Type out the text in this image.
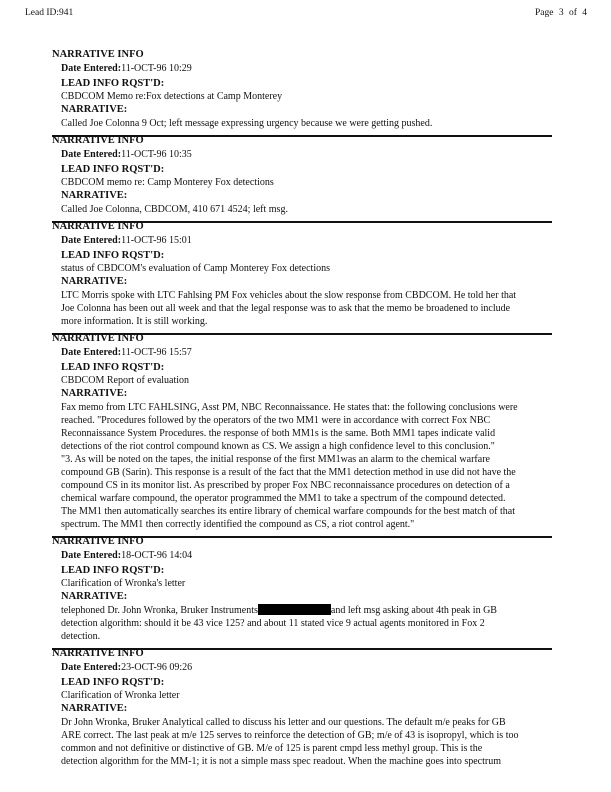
Lead ID:941	Page 3 of 4
NARRATIVE INFO
Date Entered:11-OCT-96 10:29
LEAD INFO RQST'D:
CBDCOM Memo re:Fox detections at Camp Monterey
NARRATIVE:
Called Joe Colonna 9 Oct; left message expressing urgency because we were getting pushed.
NARRATIVE INFO
Date Entered:11-OCT-96 10:35
LEAD INFO RQST'D:
CBDCOM memo re: Camp Monterey Fox detections
NARRATIVE:
Called Joe Colonna, CBDCOM, 410 671 4524; left msg.
NARRATIVE INFO
Date Entered:11-OCT-96 15:01
LEAD INFO RQST'D:
status of CBDCOM's evaluation of Camp Monterey Fox detections
NARRATIVE:
LTC Morris spoke with LTC Fahlsing PM Fox vehicles about the slow response from CBDCOM. He told her that
Joe Colonna has been out all week and that the legal response was to ask that the memo be broadened to include
more information. It is still working.
NARRATIVE INFO
Date Entered:11-OCT-96 15:57
LEAD INFO RQST'D:
CBDCOM Report of evaluation
NARRATIVE:
Fax memo from LTC FAHLSING, Asst PM, NBC Reconnaissance. He states that: the following conclusions were
reached. "Procedures followed by the operators of the two MM1 were in accordance with correct Fox NBC
Reconnaissance System Procedures. the response of both MM1s is the same. Both MM1 tapes indicate valid
detections of the riot control compound known as CS. We assign a high confidence level to this conclusion."
"3. As will be noted on the tapes, the initial response of the first MM1was an alarm to the chemical warfare
compound GB (Sarin). This response is a result of the fact that the MM1 detection method in use did not have the
compound CS in its monitor list. As prescribed by proper Fox NBC reconnaissance procedures on detection of a
chemical warfare compound, the operator programmed the MM1 to take a spectrum of the compound detected.
The MM1 then automatically searches its entire library of chemical warfare compounds for the best match of that
spectrum. The MM1 then correctly identified the compound as CS, a riot control agent."
NARRATIVE INFO
Date Entered:18-OCT-96 14:04
LEAD INFO RQST'D:
Clarification of Wronka's letter
NARRATIVE:
telephoned Dr. John Wronka, Bruker Instruments	and left msg asking about 4th peak in GB
detection algorithm: should it be 43 vice 125? and about 11 stated vice 9 actual agents monitored in Fox 2
detection.
NARRATIVE INFO
Date Entered:23-OCT-96 09:26
LEAD INFO RQST'D:
Clarification of Wronka letter
NARRATIVE:
Dr John Wronka, Bruker Analytical called to discuss his letter and our questions. The default m/e peaks for GB
ARE correct. The last peak at m/e 125 serves to reinforce the detection of GB; m/e of 43 is isopropyl, which is too
common and not definitive or distinctive of GB. M/e of 125 is parent cmpd less methyl group. This is the
detection algorithm for the MM-1; it is not a simple mass spec readout. When the machine goes into spectrum
